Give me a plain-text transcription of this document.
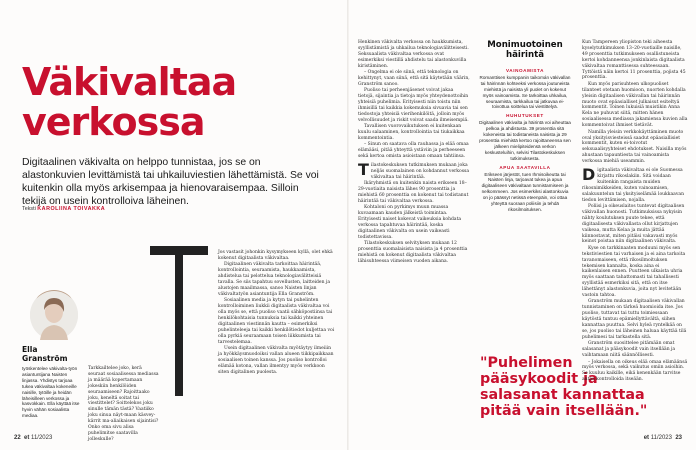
Väkivaltaa verkossa

Digitaalinen väkivalta on helppo tunnistaa, jos se on alastonkuvien levittämistä tai uhkailuviestien lähettämistä. Se voi kuitenkin olla myös arkisempaa ja hienovaraisempaa. Silloin tekijä on usein kontrolloiva läheinen.

Teksti KAROLIINA TOIVAKKA
Ella Granström

työskentelee väkivalta-työn asiantuntijana Naisten linjassa. Yhdistys tarjoaa tukea väkivaltaa kokeneille naisille, tytöille ja heidän läheisilleen verkossa ja kasvokkain. Ella käyttää itse hyvin vähän sosiaalista mediaa.

Tarkkailtelee joko, kerä seuraat sosiaalisessa mediassa ja määrää kopertamaan jokeskiin henkilöiden seuraamiseen? Rajoittaako joku, keneltä soitat tai viestittelet? Soittelekos joku sinulle tämän tästä? Vaatiiko joku sinua näyt-maan käsvey-kärrit ma-aliaikaisen sijaintisi? Onko oma sivu alisa puhelimitse saatavilla jolleskulle?

Jos vastasit johonkin kysymykseen kyllä, olet ehkä kokenut digitaalista väkivaltaa.

Digitaalinen väkivalta tarkoittaa häirintää, kontrollointia, seuraamista, haukkaamista, ahdistelua tai pelottelua teknologiavälitteisiä tavalla. Se siis tapahtuu sovellusten, laitteiden ja alustojen maailmassa, sanoo Naisten linjan väkivaltatyön asiantuntija Ella Granström.

Sosiaalinen media ja kytyn tai puhelinten kontrolloiminen liukkii digitaalista väkivaltaa voi olla myös se, että puoliso vaatii sähköpostiinsa tai henkilökohtaisia tunnuksia tai kaikki yhteinen digitaalinen viestinnän kautta – esimerkiksi puhelinteleeja tai kaikki henkilötiedot kuljettaa voi olla pyrkiä seuraamaan toisen liikkumista tai tarvestelemaa.

Usein digitaalinen väkivalta myötäytyy ilmeiiin ja hyökkäysmuodoiksi vallan alueen tiikkipaikkaan sosiaalisen toinen kanssa. Jos puoliso kontrolloi elämää kotona, vallan ilmentyy myös verkkoon siten digitalinen puolesta.

22 et 11/2023

Henkinen väkivalta verkossa on haukkumista, syyllistämistä ja uhkailua teknologiavälitteisesti. Seksuaalista väkivaltaa verkossa ovat esimerkiksi viestillä ahdistelu tai alastonkuvilla kiristäminen.

– Ongelma ei ole siinä, että teknologia on kehittynyt, vaan siinä, että sitä käytetään väärin, Granström sanoo.

Puoliso tai perheenjäsenet voivat jakaa tietojä, sijaintia ja tietoja myös yhteydenottoihin yhteisiä puhelimia. Erityisesti niin toistu niin ihmisillä tai kaikkia kokemuksia sivuavia tai sen tiedostoja yhteisiä vierihenkilöitä, jolloin myös velvollisuudet ja riskit voivat saada ilmeisempiä.

Tavallisen vuorovaikutuksen ei kuitenkaan kuulu salaaminen, kontrollointia tai tiukaikkaa kommentointia.

– Sinun on saatava olla rauhassa ja elää omaa elämääsi, pitää yhteyttä ystäviin ja perheeseen sekä kertoa omista asioistaan omaan tahtiinsa.

Tilastokeskuksen tutkimuksen mukaan joka neljäs suomalainen on kohdannut verkossa väkivaltaa tai häirintää.

Ikäryhmistä on kuitenkin naista erikseen 18–29-vuotiaita naisista lähes 90 prosenttia ja miehistä 60 prosenttia on kokenut tai todistanut häirintää tai väkivaltaa verkossa.

Kohtaloni on pyrkimys muun muassa kuvaamaan kauden jälkeistä toimintaa. Erityisesti naiset kokevat vaikeuksia kohdata verkossa tapahtuvaa häirintää, koska digitaalinen väkivalta on usein vaikeasti todistettavissa.

Tilastokeskuksen selvityksen mukaan 12 prosenttia suomalaisista naisista ja 4 prosenttia miehistä on kokenut digitaalista väkivaltaa lähisuhteessa viimeisen vuoden aikana.

Monimuotoinen häirintä
VAINOAMISTA

Romanttisen kumppanin taikomán väkivallan tai häirinnän kohteeksi verkossa joutuneista miehistä ja naisista yli puolet on kokenut myös vainoamista. Se tarkoittaa uhkailua, seuraamista, tarkkailua tai jatkuvaa ei-toivottua soittelua tai viestittelyä.

HUHUTUKSET

Digitaalinen väkivalta ja häirintä voi aiheuttaa pelkoa ja ahdistusta. 39 prosenttia sitä kokeneista tai todistaneista naisista ja 29 prosenttia miehistä kertoo rajoittaneensa sen jälkeen mielipiteidensä verkon keskusteluihin, selvisi Tilastokeskuksen tutkimuksesta.

APUA SAATAVILLA

Erikseen järjestöt, tuen Ihmisoikeutta tai Naisten linja, tarjoavat tukea ja apua digitaaliseen väkivaltaan tunnistamiseen ja nelkommeen. Jos esimerkiksi alastonkuvia on jo päässyt netissä eteenpäin, voi ottaa yhteyttä suoraan poliisiin ja tehdä rikosilmoituksen.

"Puhelimen pääsykoodit ja salasanat kannattaa pitää vain itsellään."

Kun Tampereen yliopiston teki aiheesta kyselytutkimuksen 13–20-vuotiaille naisille, 49 prosenttia tutkimukseen osallistuneista kertoi kohdanneensa jonkinlaista digitaalista väkivaltaa romanttisessa suhteessaan. Tyttöistä näin kertoi 11 prosenttia, pojista 45 prosenttia.

Kun myös parisuhteen ulkopuoliset tilanteet otetaan huomioon, nuorten kohdalla yleisin digitaalisen väkivallan tai häirinnän muoto ovat epäasialliset julkaisut esiteltyä kommentit. Toinen lukuisiä muistikin Anna Kela ne puhuvat siitä, mitten hänen sosiaalisessa mediassa jakamiensa kuvien alla kommentoivat ihmiset tietävät.

Namilla yleisin verkkokäyttäminen muoto oval yksityisviesteissä saadut epäasiallisiet kommentit, kuten ei-toivotut seksuaalisyyhteiset ehdotukset. Naisilla myös ahustaan tapauntiesta tai vainoamista verkossa miehiä useammin.

Digitaalista väkivaltaa ei ole Suomessa kirjattu rikoslakiin. Sitä voidaan kuitenkin rangaista muiden rikosnimikkeiden, kuten vainoamisen, salakuuntelun tai yksityiselämää loukkaavan tiedon levittämisen, nojalla.

Poliisi ja oikeuslaitos tuntevat digitaalisen väkivallan huonosti. Tutkimuksissa nykyisin nähty koulutuksen puute tekee, että digitaalisesta väkivallasta ollut kirjattujen vaikeaa, mutta Kelaa ja muita jättää kiinnostavat, miten pitäisi vakavasti myös keinot poistaa niin digitaalinen väkivalta.

Kyse on tarkkinaaten moduuni myös sen tekstiviestien tai varhaisen ja ei aina tarkoita tavanomaiseen, että rikosilmoituksen tekemisen kannalta, koska aina ei kaikenlaisen ennen. Puutteen ulkaista uhria myös saattaan tahattomasti tai tahallisesti syyllistää esmerkiksi sitä, että on itse lähettänyt alastonkuvia, joita nyt levitetään vastoin tahtoa.

Granström mukaan digitaalisen väkivallan tunnistaminen on tärkeä huomioida itse. Jos puoliso, tuttavat tai tuttu toimiessaan käytöstä tuntuu epämiellyttävältä, siihen kannattaa puuttua. Selvi hyleä ryntelkää on se, jos puoliso tai läheinen haluaa käyttää tilä puhelimesi tai tarkastella sitä.

Granström suosittelee pitämään omat salasanat ja pääsykoodit vain itsellään ja vaihtamaan niitä säännöllisesti.

– Jokaisella on oikeus elää omaa elämäänsä myös verkossa, sekä vaikutus omiin asioihin. Se kuuluu kaikille, eikä kenenkään tarvitse antaa kontrolloida itseään.

et 11/2023 23
